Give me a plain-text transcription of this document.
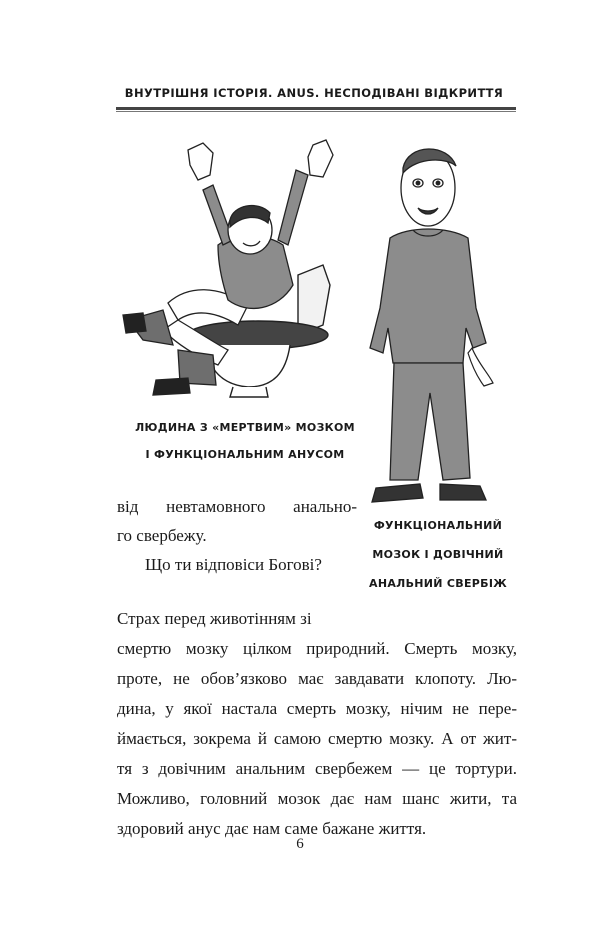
ВНУТРІШНЯ ІСТОРІЯ. ANUS. НЕСПОДІВАНІ ВІДКРИТТЯ
ЛЮДИНА З «МЕРТВИМ» МОЗКОМ
І ФУНКЦІОНАЛЬНИМ АНУСОМ
ФУНКЦІОНАЛЬНИЙ
МОЗОК І ДОВІЧНИЙ
АНАЛЬНИЙ СВЕРБІЖ
від невтамовного анально-
го свербежу.
Що ти відповіси Богові?
Страх перед животінням зі
смертю мозку цілком природний. Смерть мозку,
проте, не обов’язково має завдавати клопоту. Лю-
дина, у якої настала смерть мозку, нічим не пере-
ймається, зокрема й самою смертю мозку. А от жит-
тя з довічним анальним свербежем — це тортури.
Можливо, головний мозок дає нам шанс жити, та
здоровий анус дає нам саме бажане життя.
6
